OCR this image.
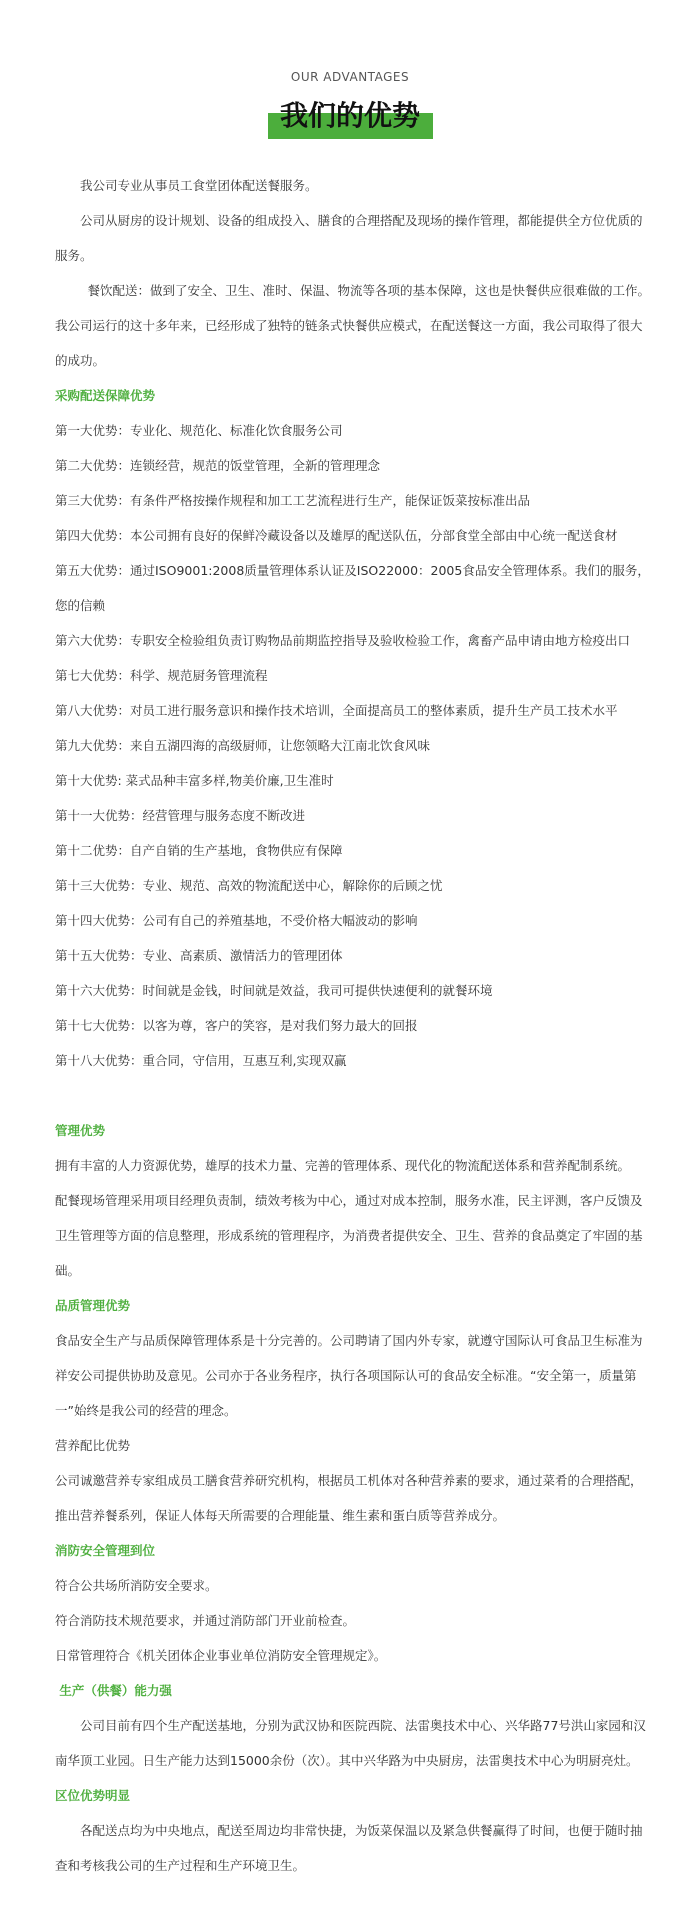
OUR ADVANTAGES
我们的优势

我公司专业从事员工食堂团体配送餐服务。

公司从厨房的设计规划、设备的组成投入、膳食的合理搭配及现场的操作管理，都能提供全方位优质的服务。

餐饮配送：做到了安全、卫生、准时、保温、物流等各项的基本保障，这也是快餐供应很难做的工作。我公司运行的这十多年来，已经形成了独特的链条式快餐供应模式，在配送餐这一方面，我公司取得了很大的成功。

采购配送保障优势

第一大优势：专业化、规范化、标准化饮食服务公司

第二大优势：连锁经营，规范的饭堂管理，全新的管理理念

第三大优势：有条件严格按操作规程和加工工艺流程进行生产，能保证饭菜按标准出品

第四大优势：本公司拥有良好的保鲜冷藏设备以及雄厚的配送队伍，分部食堂全部由中心统一配送食材

第五大优势：通过ISO9001:2008质量管理体系认证及ISO22000：2005食品安全管理体系。我们的服务，您的信赖

第六大优势：专职安全检验组负责订购物品前期监控指导及验收检验工作，禽畜产品申请由地方检疫出口

第七大优势：科学、规范厨务管理流程

第八大优势：对员工进行服务意识和操作技术培训，全面提高员工的整体素质，提升生产员工技术水平

第九大优势：来自五湖四海的高级厨师，让您领略大江南北饮食风味

第十大优势: 菜式品种丰富多样,物美价廉,卫生准时

第十一大优势：经营管理与服务态度不断改进

第十二优势：自产自销的生产基地，食物供应有保障

第十三大优势：专业、规范、高效的物流配送中心，解除你的后顾之忧

第十四大优势：公司有自己的养殖基地，不受价格大幅波动的影响

第十五大优势：专业、高素质、激情活力的管理团体

第十六大优势：时间就是金钱，时间就是效益，我司可提供快速便利的就餐环境

第十七大优势：以客为尊，客户的笑容，是对我们努力最大的回报

第十八大优势：重合同，守信用，互惠互利,实现双赢

管理优势

拥有丰富的人力资源优势，雄厚的技术力量、完善的管理体系、现代化的物流配送体系和营养配制系统。

配餐现场管理采用项目经理负责制，绩效考核为中心，通过对成本控制，服务水准，民主评测，客户反馈及卫生管理等方面的信息整理，形成系统的管理程序，为消费者提供安全、卫生、营养的食品奠定了牢固的基础。

品质管理优势

食品安全生产与品质保障管理体系是十分完善的。公司聘请了国内外专家，就遵守国际认可食品卫生标准为祥安公司提供协助及意见。公司亦于各业务程序，执行各项国际认可的食品安全标准。“安全第一，质量第一”始终是我公司的经营的理念。

营养配比优势

公司诚邀营养专家组成员工膳食营养研究机构，根据员工机体对各种营养素的要求，通过菜肴的合理搭配，推出营养餐系列，保证人体每天所需要的合理能量、维生素和蛋白质等营养成分。

消防安全管理到位

符合公共场所消防安全要求。

符合消防技术规范要求，并通过消防部门开业前检查。

日常管理符合《机关团体企业事业单位消防安全管理规定》。

生产（供餐）能力强

公司目前有四个生产配送基地，分别为武汉协和医院西院、法雷奥技术中心、兴华路77号洪山家园和汉南华顶工业园。日生产能力达到15000余份（次）。其中兴华路为中央厨房，法雷奥技术中心为明厨亮灶。

区位优势明显

各配送点均为中央地点，配送至周边均非常快捷，为饭菜保温以及紧急供餐赢得了时间，也便于随时抽查和考核我公司的生产过程和生产环境卫生。
